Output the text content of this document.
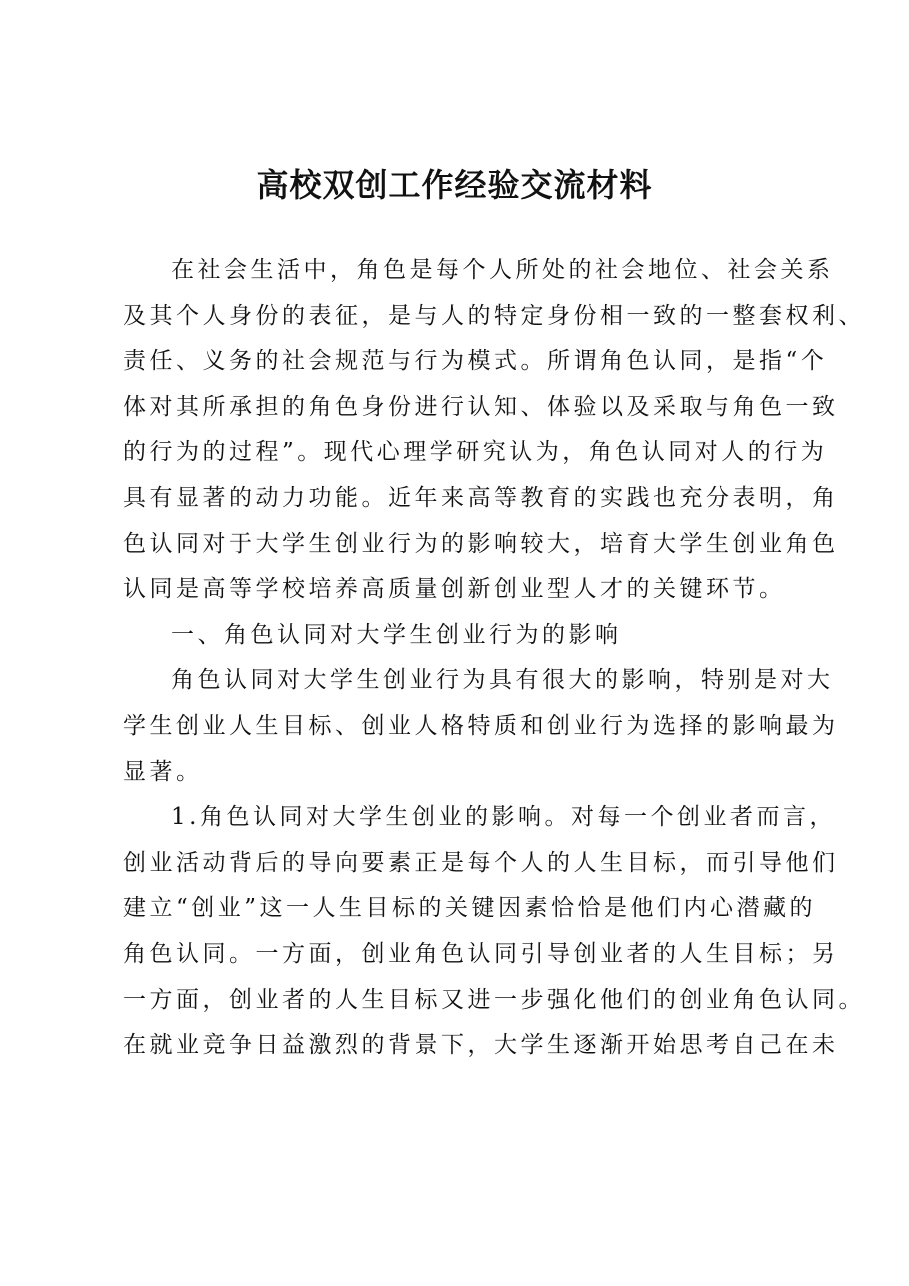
高校双创工作经验交流材料
在社会生活中，角色是每个人所处的社会地位、社会关系
及其个人身份的表征，是与人的特定身份相一致的一整套权利、
责任、义务的社会规范与行为模式。所谓角色认同，是指“个
体对其所承担的角色身份进行认知、体验以及采取与角色一致
的行为的过程”。现代心理学研究认为，角色认同对人的行为
具有显著的动力功能。近年来高等教育的实践也充分表明，角
色认同对于大学生创业行为的影响较大，培育大学生创业角色
认同是高等学校培养高质量创新创业型人才的关键环节。
一、角色认同对大学生创业行为的影响
角色认同对大学生创业行为具有很大的影响，特别是对大
学生创业人生目标、创业人格特质和创业行为选择的影响最为
显著。
1.角色认同对大学生创业的影响。对每一个创业者而言，
创业活动背后的导向要素正是每个人的人生目标，而引导他们
建立“创业”这一人生目标的关键因素恰恰是他们内心潜藏的
角色认同。一方面，创业角色认同引导创业者的人生目标；另
一方面，创业者的人生目标又进一步强化他们的创业角色认同。
在就业竞争日益激烈的背景下，大学生逐渐开始思考自己在未
